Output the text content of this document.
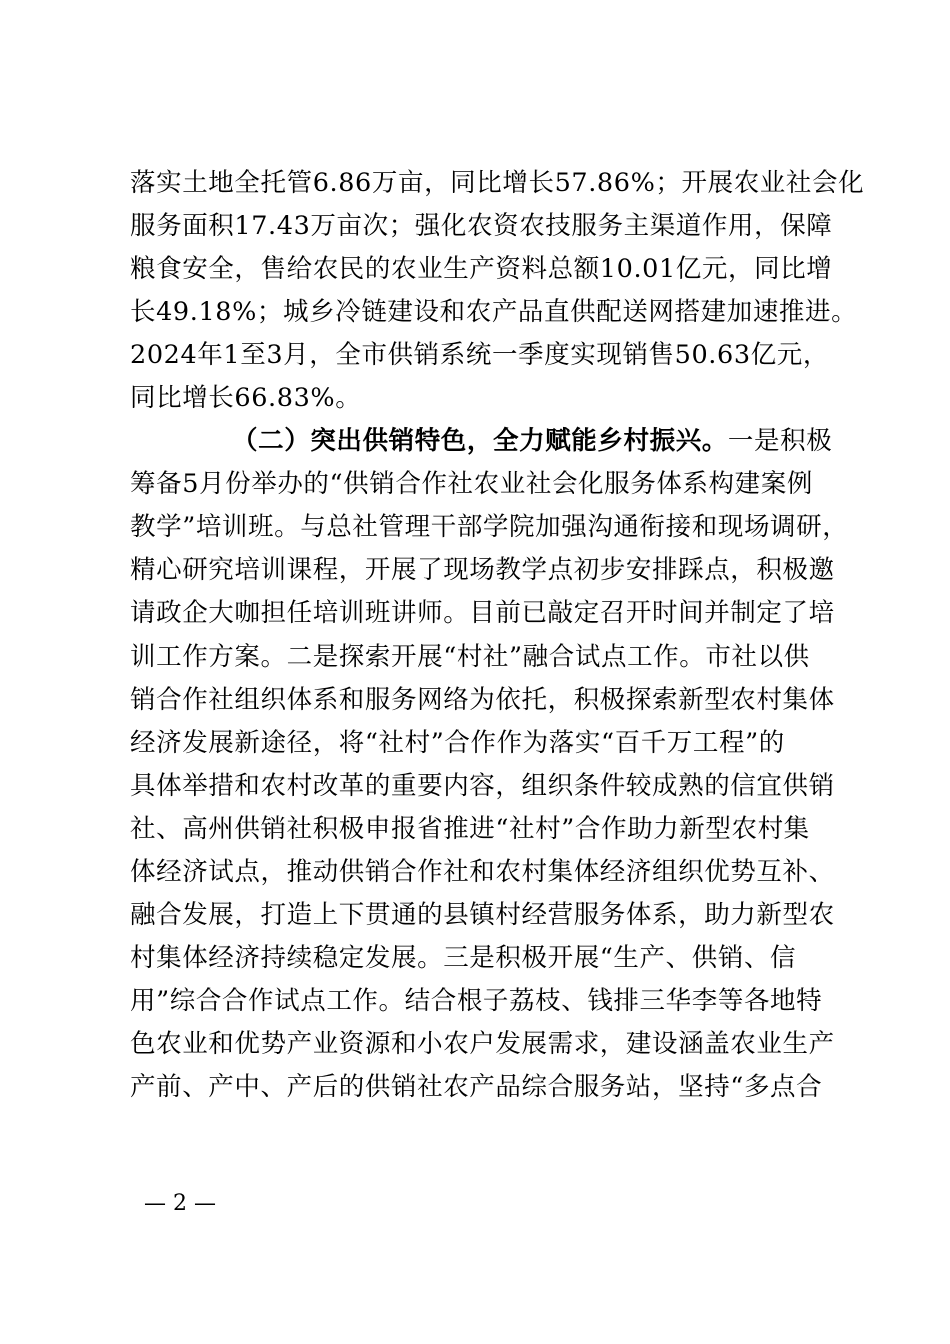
落实土地全托管6.86万亩，同比增长57.86%；开展农业社会化
服务面积17.43万亩次；强化农资农技服务主渠道作用，保障
粮食安全，售给农民的农业生产资料总额10.01亿元，同比增
长49.18%；城乡冷链建设和农产品直供配送网搭建加速推进。
2024年1至3月，全市供销系统一季度实现销售50.63亿元，
同比增长66.83%。
（二）突出供销特色，全力赋能乡村振兴。一是积极
筹备5月份举办的“供销合作社农业社会化服务体系构建案例
教学”培训班。与总社管理干部学院加强沟通衔接和现场调研，
精心研究培训课程，开展了现场教学点初步安排踩点，积极邀
请政企大咖担任培训班讲师。目前已敲定召开时间并制定了培
训工作方案。二是探索开展“村社”融合试点工作。市社以供
销合作社组织体系和服务网络为依托，积极探索新型农村集体
经济发展新途径，将“社村”合作作为落实“百千万工程”的
具体举措和农村改革的重要内容，组织条件较成熟的信宜供销
社、高州供销社积极申报省推进“社村”合作助力新型农村集
体经济试点，推动供销合作社和农村集体经济组织优势互补、
融合发展，打造上下贯通的县镇村经营服务体系，助力新型农
村集体经济持续稳定发展。三是积极开展“生产、供销、信
用”综合合作试点工作。结合根子荔枝、钱排三华李等各地特
色农业和优势产业资源和小农户发展需求，建设涵盖农业生产
产前、产中、产后的供销社农产品综合服务站，坚持“多点合
— 2 —
